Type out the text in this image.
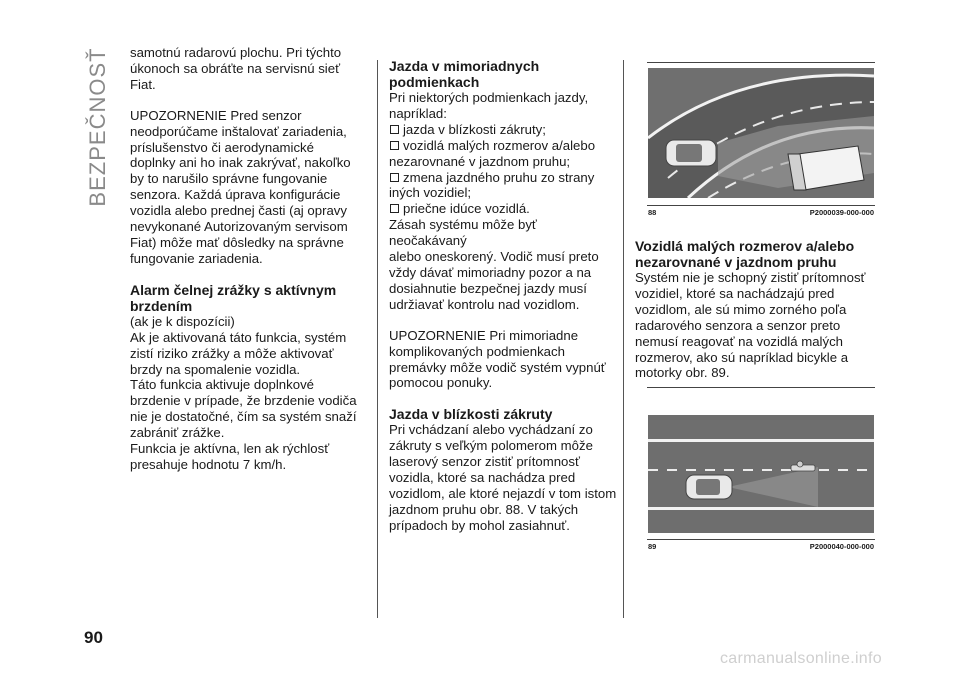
BEZPEČNOSŤ
90

samotnú radarovú plochu. Pri týchto

úkonoch sa obráťte na servisnú sieť

Fiat.

UPOZORNENIE Pred senzor

neodporúčame inštalovať zariadenia,

príslušenstvo či aerodynamické

doplnky ani ho inak zakrývať, nakoľko

by to narušilo správne fungovanie

senzora. Každá úprava konfigurácie

vozidla alebo prednej časti (aj opravy

nevykonané Autorizovaným servisom

Fiat) môže mať dôsledky na správne

fungovanie zariadenia.

Alarm čelnej zrážky s aktívnym
brzdením

(ak je k dispozícii)

Ak je aktivovaná táto funkcia, systém

zistí riziko zrážky a môže aktivovať

brzdy na spomalenie vozidla.

Táto funkcia aktivuje doplnkové

brzdenie v prípade, že brzdenie vodiča

nie je dostatočné, čím sa systém snaží

zabrániť zrážke.

Funkcia je aktívna, len ak rýchlosť

presahuje hodnotu 7 km/h.

Jazda v mimoriadnych
podmienkach

Pri niektorých podmienkach jazdy,

napríklad:

jazda v blízkosti zákruty;

vozidlá malých rozmerov a/alebo

nezarovnané v jazdnom pruhu;

zmena jazdného pruhu zo strany

iných vozidiel;

priečne idúce vozidlá.

Zásah systému môže byť neočakávaný

alebo oneskorený. Vodič musí preto

vždy dávať mimoriadny pozor a na

dosiahnutie bezpečnej jazdy musí

udržiavať kontrolu nad vozidlom.

UPOZORNENIE Pri mimoriadne

komplikovaných podmienkach

premávky môže vodič systém vypnúť

pomocou ponuky.

Jazda v blízkosti zákruty

Pri vchádzaní alebo vychádzaní zo

zákruty s veľkým polomerom môže

laserový senzor zistiť prítomnosť

vozidla, ktoré sa nachádza pred

vozidlom, ale ktoré nejazdí v tom istom

jazdnom pruhu obr. 88. V takých

prípadoch by mohol zasiahnuť.

88	P2000039-000-000
Vozidlá malých rozmerov a/alebo
nezarovnané v jazdnom pruhu

Systém nie je schopný zistiť prítomnosť

vozidiel, ktoré sa nachádzajú pred

vozidlom, ale sú mimo zorného poľa

radarového senzora a senzor preto

nemusí reagovať na vozidlá malých

rozmerov, ako sú napríklad bicykle a

motorky obr. 89.

89	P2000040-000-000
carmanualsonline.info
